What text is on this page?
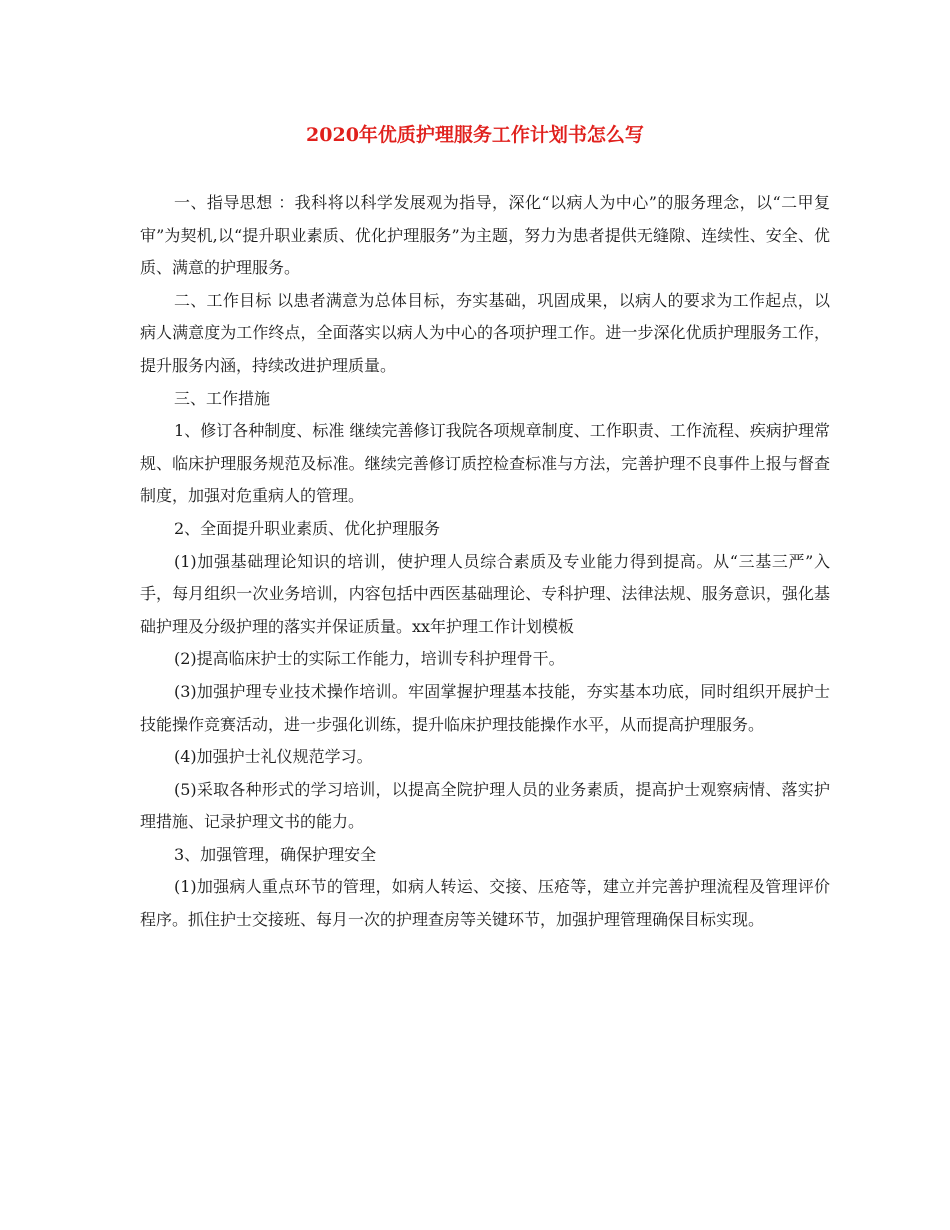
2020年优质护理服务工作计划书怎么写

一、指导思想 ：我科将以科学发展观为指导，深化“以病人为中心”的服务理念，以“二甲复审”为契机,以“提升职业素质、优化护理服务”为主题，努力为患者提供无缝隙、连续性、安全、优质、满意的护理服务。

二、工作目标 以患者满意为总体目标，夯实基础，巩固成果，以病人的要求为工作起点，以病人满意度为工作终点，全面落实以病人为中心的各项护理工作。进一步深化优质护理服务工作，提升服务内涵，持续改进护理质量。

三、工作措施

1、修订各种制度、标准 继续完善修订我院各项规章制度、工作职责、工作流程、疾病护理常规、临床护理服务规范及标准。继续完善修订质控检查标准与方法，完善护理不良事件上报与督查制度，加强对危重病人的管理。

2、全面提升职业素质、优化护理服务

(1)加强基础理论知识的培训，使护理人员综合素质及专业能力得到提高。从“三基三严”入手，每月组织一次业务培训，内容包括中西医基础理论、专科护理、法律法规、服务意识，强化基础护理及分级护理的落实并保证质量。xx年护理工作计划模板

(2)提高临床护士的实际工作能力，培训专科护理骨干。

(3)加强护理专业技术操作培训。牢固掌握护理基本技能，夯实基本功底，同时组织开展护士技能操作竞赛活动，进一步强化训练，提升临床护理技能操作水平，从而提高护理服务。

(4)加强护士礼仪规范学习。

(5)采取各种形式的学习培训，以提高全院护理人员的业务素质，提高护士观察病情、落实护理措施、记录护理文书的能力。

3、加强管理，确保护理安全

(1)加强病人重点环节的管理，如病人转运、交接、压疮等，建立并完善护理流程及管理评价程序。抓住护士交接班、每月一次的护理查房等关键环节，加强护理管理确保目标实现。
